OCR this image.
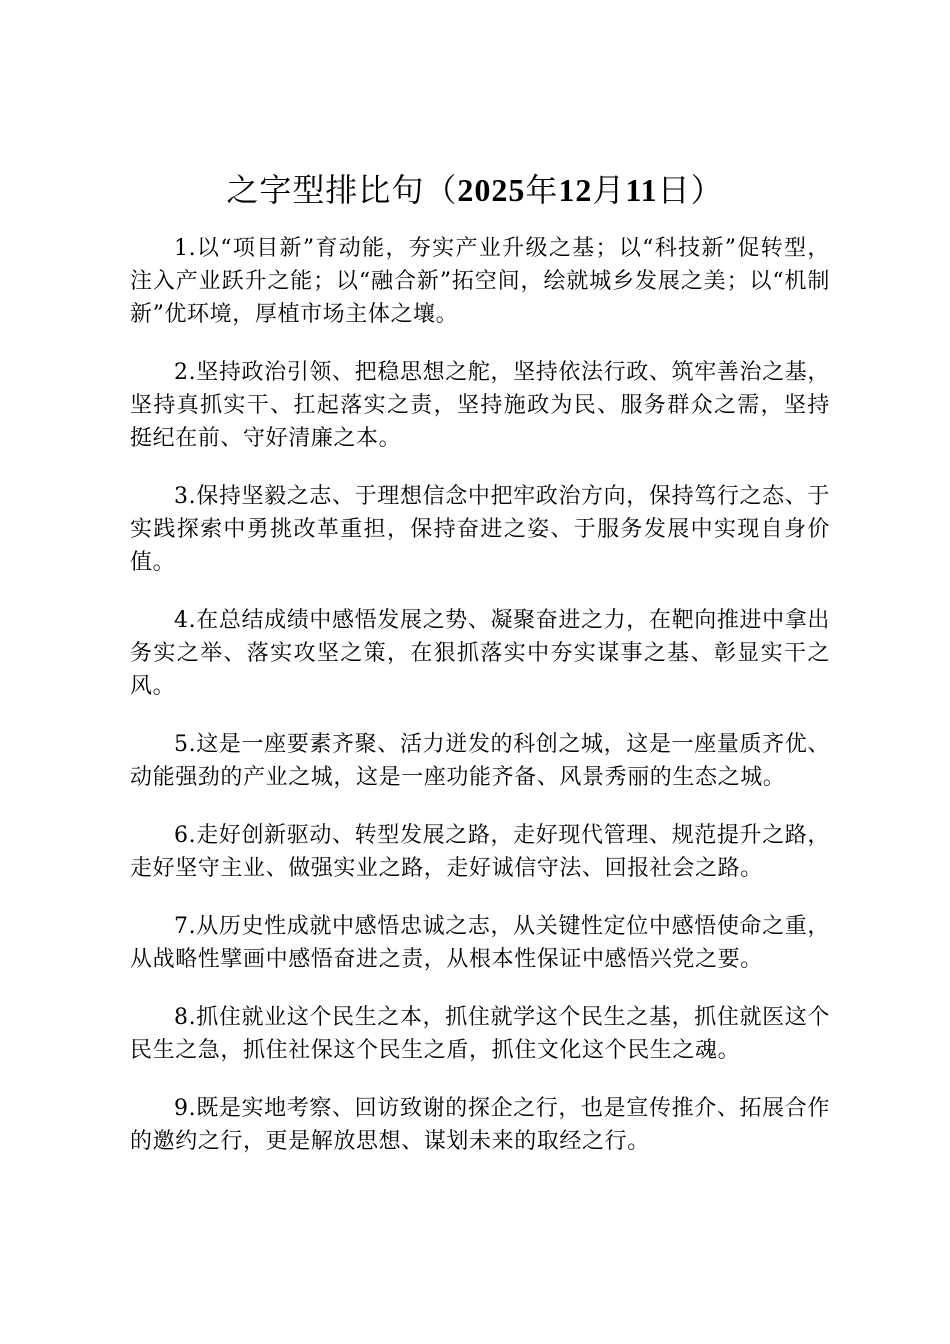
之字型排比句（2025年12月11日）

1.以“项目新”育动能，夯实产业升级之基；以“科技新”促转型，注入产业跃升之能；以“融合新”拓空间，绘就城乡发展之美；以“机制新”优环境，厚植市场主体之壤。

2.坚持政治引领、把稳思想之舵，坚持依法行政、筑牢善治之基，坚持真抓实干、扛起落实之责，坚持施政为民、服务群众之需，坚持挺纪在前、守好清廉之本。

3.保持坚毅之志、于理想信念中把牢政治方向，保持笃行之态、于实践探索中勇挑改革重担，保持奋进之姿、于服务发展中实现自身价值。

4.在总结成绩中感悟发展之势、凝聚奋进之力，在靶向推进中拿出务实之举、落实攻坚之策，在狠抓落实中夯实谋事之基、彰显实干之风。

5.这是一座要素齐聚、活力迸发的科创之城，这是一座量质齐优、动能强劲的产业之城，这是一座功能齐备、风景秀丽的生态之城。

6.走好创新驱动、转型发展之路，走好现代管理、规范提升之路，走好坚守主业、做强实业之路，走好诚信守法、回报社会之路。

7.从历史性成就中感悟忠诚之志，从关键性定位中感悟使命之重，从战略性擘画中感悟奋进之责，从根本性保证中感悟兴党之要。

8.抓住就业这个民生之本，抓住就学这个民生之基，抓住就医这个民生之急，抓住社保这个民生之盾，抓住文化这个民生之魂。

9.既是实地考察、回访致谢的探企之行，也是宣传推介、拓展合作的邀约之行，更是解放思想、谋划未来的取经之行。
